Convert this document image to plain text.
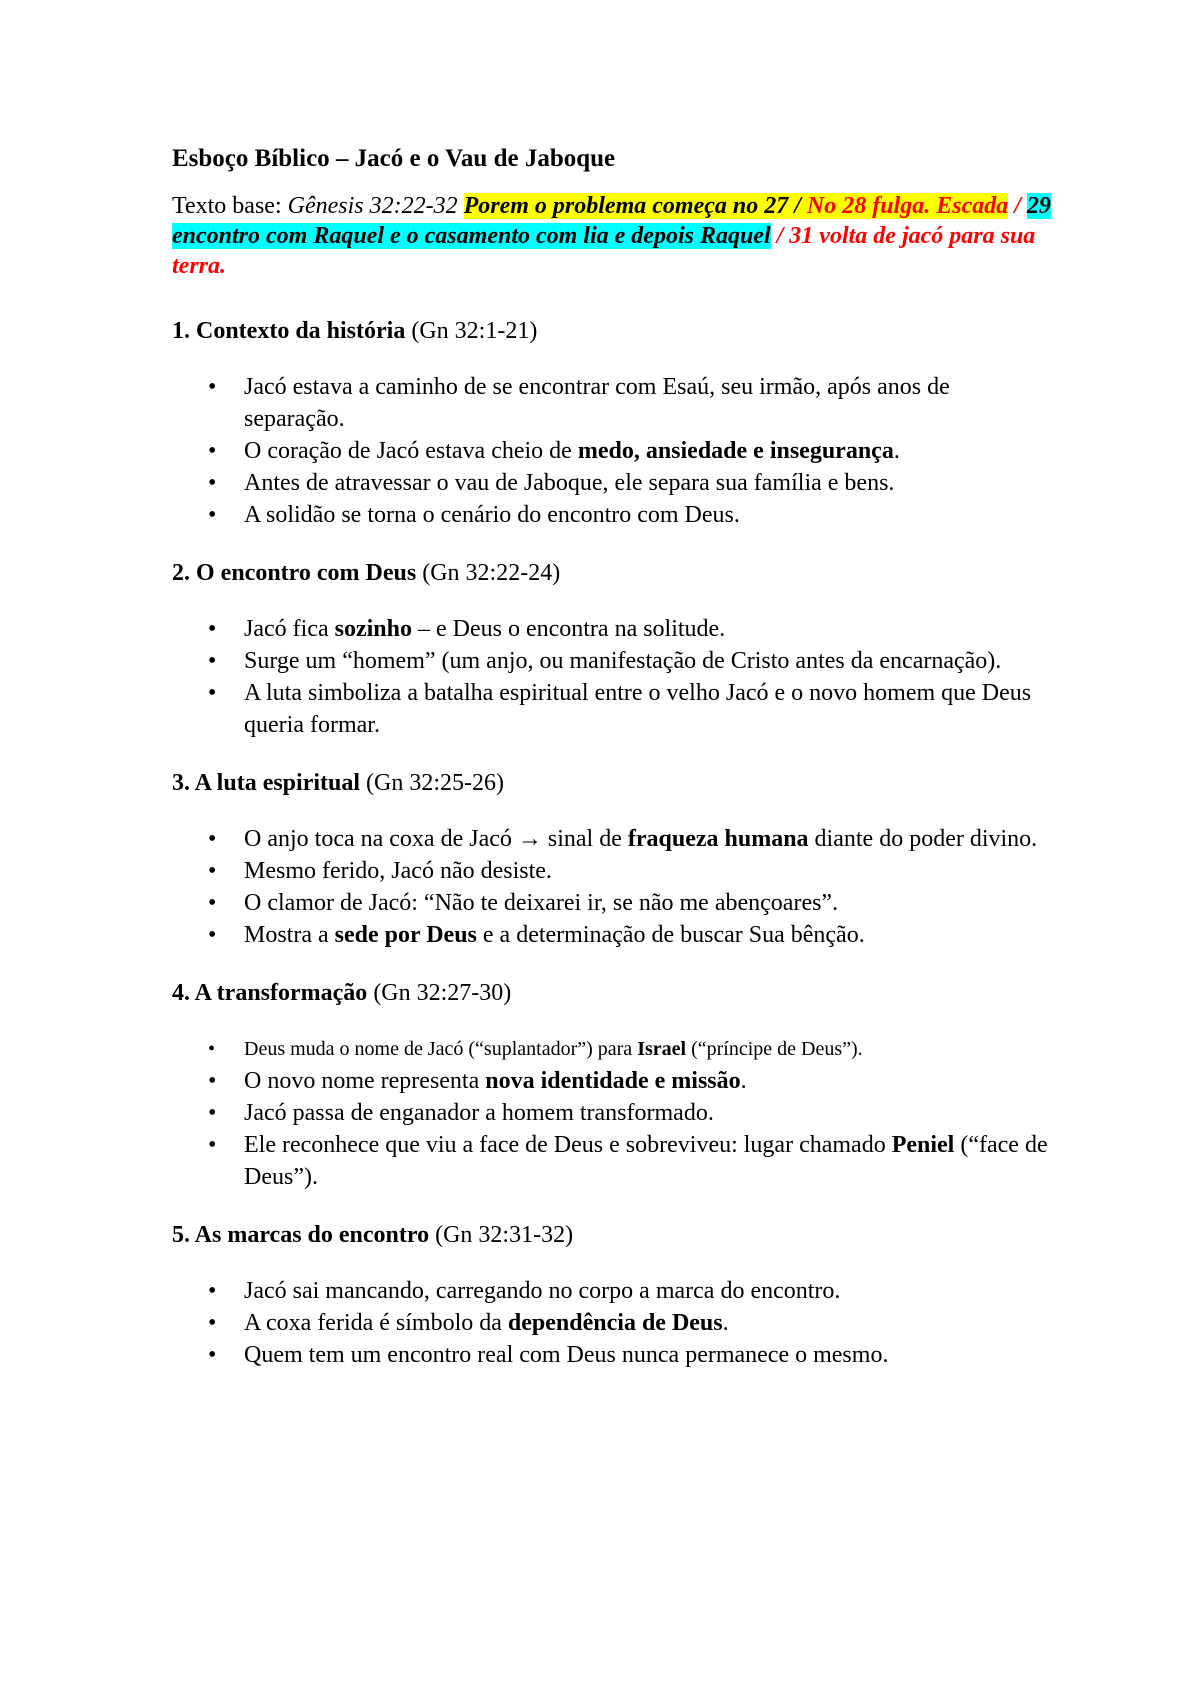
Esboço Bíblico – Jacó e o Vau de Jaboque
Texto base: Gênesis 32:22-32 Porem o problema começa no 27 / No 28 fulga. Escada / 29 encontro com Raquel e o casamento com lia e depois Raquel / 31 volta de jacó para sua terra.
1. Contexto da história (Gn 32:1-21)
• Jacó estava a caminho de se encontrar com Esaú, seu irmão, após anos de separação.
• O coração de Jacó estava cheio de medo, ansiedade e insegurança.
• Antes de atravessar o vau de Jaboque, ele separa sua família e bens.
• A solidão se torna o cenário do encontro com Deus.
2. O encontro com Deus (Gn 32:22-24)
• Jacó fica sozinho – e Deus o encontra na solitude.
• Surge um “homem” (um anjo, ou manifestação de Cristo antes da encarnação).
• A luta simboliza a batalha espiritual entre o velho Jacó e o novo homem que Deus queria formar.
3. A luta espiritual (Gn 32:25-26)
• O anjo toca na coxa de Jacó → sinal de fraqueza humana diante do poder divino.
• Mesmo ferido, Jacó não desiste.
• O clamor de Jacó: “Não te deixarei ir, se não me abençoares”.
• Mostra a sede por Deus e a determinação de buscar Sua bênção.
4. A transformação (Gn 32:27-30)
• Deus muda o nome de Jacó (“suplantador”) para Israel (“príncipe de Deus”).
• O novo nome representa nova identidade e missão.
• Jacó passa de enganador a homem transformado.
• Ele reconhece que viu a face de Deus e sobreviveu: lugar chamado Peniel (“face de Deus”).
5. As marcas do encontro (Gn 32:31-32)
• Jacó sai mancando, carregando no corpo a marca do encontro.
• A coxa ferida é símbolo da dependência de Deus.
• Quem tem um encontro real com Deus nunca permanece o mesmo.
